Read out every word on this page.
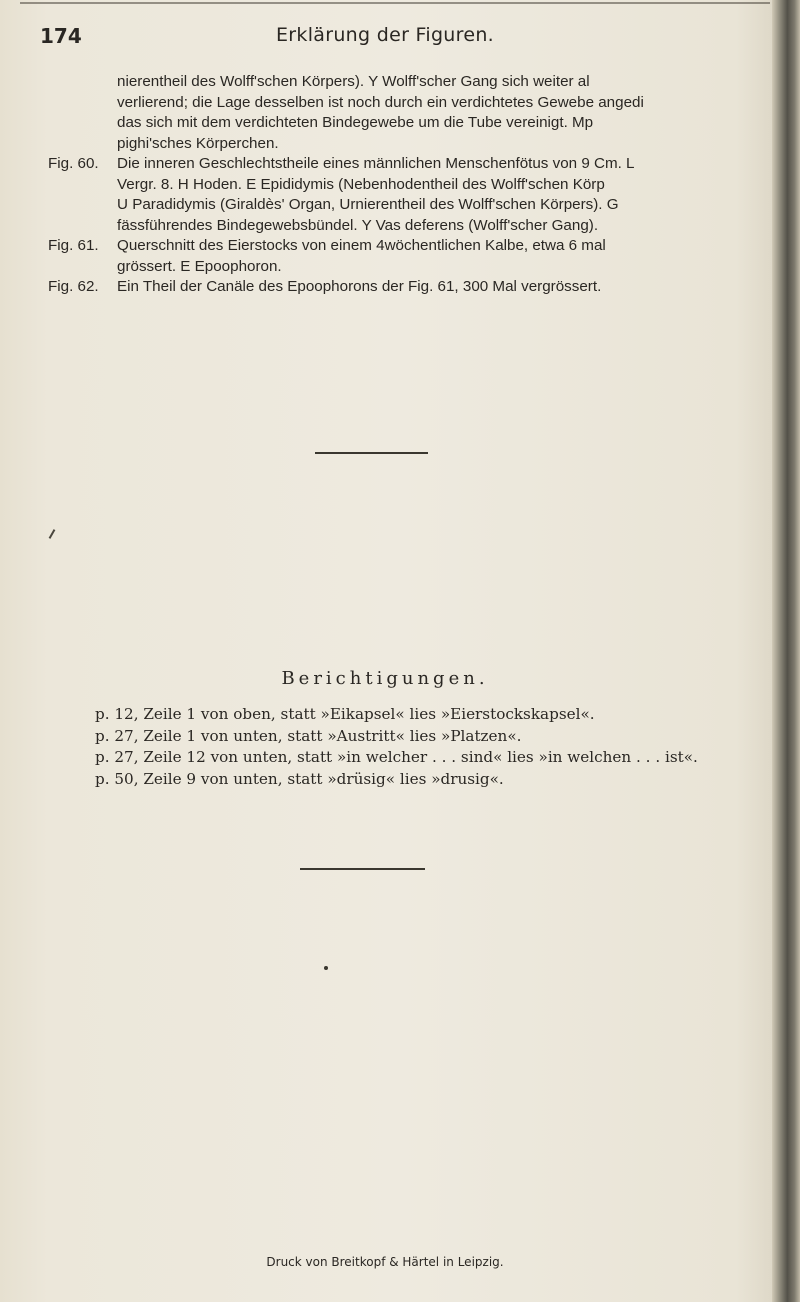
174	Erklärung der Figuren.
nierentheil des Wolff'schen Körpers). Y Wolff'scher Gang sich weiter al
verlierend; die Lage desselben ist noch durch ein verdichtetes Gewebe angedi
das sich mit dem verdichteten Bindegewebe um die Tube vereinigt. Mp
pighi'sches Körperchen.
Fig. 60.	Die inneren Geschlechtstheile eines männlichen Menschenfötus von 9 Cm. L
Vergr. 8. H Hoden. E Epididymis (Nebenhodentheil des Wolff'schen Körp
U Paradidymis (Giraldès' Organ, Urnierentheil des Wolff'schen Körpers). G
fässführendes Bindegewebsbündel. Y Vas deferens (Wolff'scher Gang).
Fig. 61.	Querschnitt des Eierstocks von einem 4wöchentlichen Kalbe, etwa 6 mal
grössert. E Epoophoron.
Fig. 62.	Ein Theil der Canäle des Epoophorons der Fig. 61, 300 Mal vergrössert.
Berichtigungen.
p. 12, Zeile 1 von oben, statt »Eikapsel« lies »Eierstockskapsel«.
p. 27, Zeile 1 von unten, statt »Austritt« lies »Platzen«.
p. 27, Zeile 12 von unten, statt »in welcher . . . sind« lies »in welchen . . . ist«.
p. 50, Zeile 9 von unten, statt »drüsig« lies »drusig«.
Druck von Breitkopf & Härtel in Leipzig.
